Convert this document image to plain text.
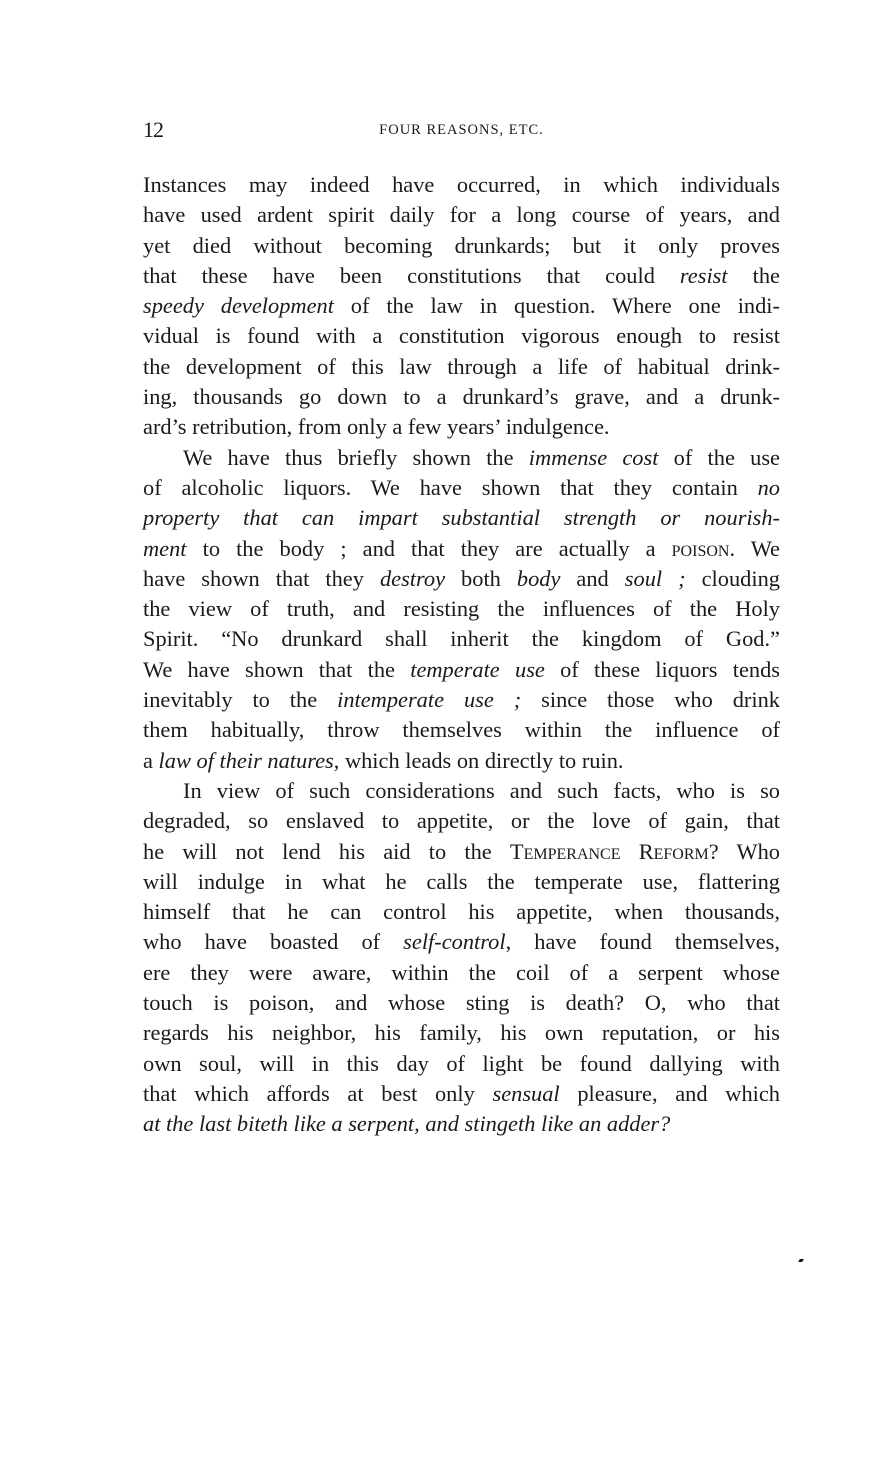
12	FOUR REASONS, ETC.
Instances may indeed have occurred, in which individuals
have used ardent spirit daily for a long course of years, and
yet died without becoming drunkards; but it only proves
that these have been constitutions that could resist the
speedy development of the law in question. Where one indi-
vidual is found with a constitution vigorous enough to resist
the development of this law through a life of habitual drink-
ing, thousands go down to a drunkard’s grave, and a drunk-
ard’s retribution, from only a few years’ indulgence.
We have thus briefly shown the immense cost of the use
of alcoholic liquors. We have shown that they contain no
property that can impart substantial strength or nourish-
ment to the body ; and that they are actually a poison. We
have shown that they destroy both body and soul ; clouding
the view of truth, and resisting the influences of the Holy
Spirit. “No drunkard shall inherit the kingdom of God.”
We have shown that the temperate use of these liquors tends
inevitably to the intemperate use ; since those who drink
them habitually, throw themselves within the influence of
a law of their natures, which leads on directly to ruin.
In view of such considerations and such facts, who is so
degraded, so enslaved to appetite, or the love of gain, that
he will not lend his aid to the Temperance Reform? Who
will indulge in what he calls the temperate use, flattering
himself that he can control his appetite, when thousands,
who have boasted of self-control, have found themselves,
ere they were aware, within the coil of a serpent whose
touch is poison, and whose sting is death? O, who that
regards his neighbor, his family, his own reputation, or his
own soul, will in this day of light be found dallying with
that which affords at best only sensual pleasure, and which
at the last biteth like a serpent, and stingeth like an adder?
